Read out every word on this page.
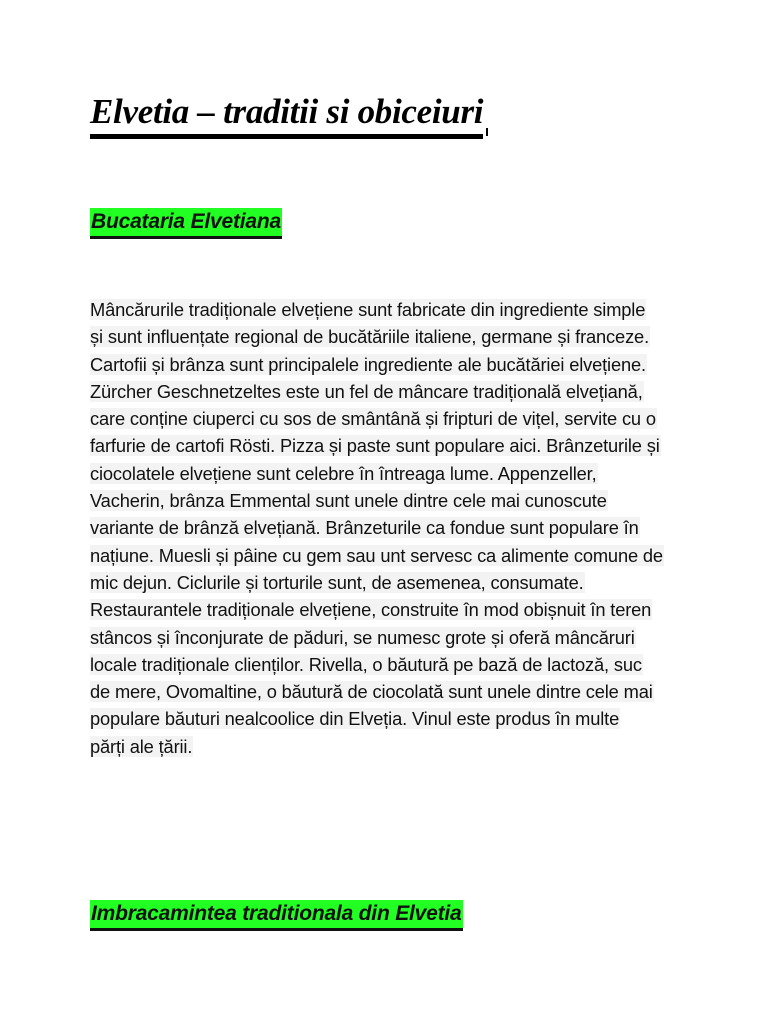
Elvetia – traditii si obiceiuri
Bucataria Elvetiana
Mâncărurile tradiționale elvețiene sunt fabricate din ingrediente simple
și sunt influențate regional de bucătăriile italiene, germane și franceze.
Cartofii și brânza sunt principalele ingrediente ale bucătăriei elvețiene.
Zürcher Geschnetzeltes este un fel de mâncare tradițională elvețiană,
care conține ciuperci cu sos de smântână și fripturi de vițel, servite cu o
farfurie de cartofi Rösti. Pizza și paste sunt populare aici. Brânzeturile și
ciocolatele elvețiene sunt celebre în întreaga lume. Appenzeller,
Vacherin, brânza Emmental sunt unele dintre cele mai cunoscute
variante de brânză elvețiană. Brânzeturile ca fondue sunt populare în
națiune. Muesli și pâine cu gem sau unt servesc ca alimente comune de
mic dejun. Ciclurile și torturile sunt, de asemenea, consumate.
Restaurantele tradiționale elvețiene, construite în mod obișnuit în teren
stâncos și înconjurate de păduri, se numesc grote și oferă mâncăruri
locale tradiționale clienților. Rivella, o băutură pe bază de lactoză, suc
de mere, Ovomaltine, o băutură de ciocolată sunt unele dintre cele mai
populare băuturi nealcoolice din Elveția. Vinul este produs în multe
părți ale țării.
Imbracamintea traditionala din Elvetia
